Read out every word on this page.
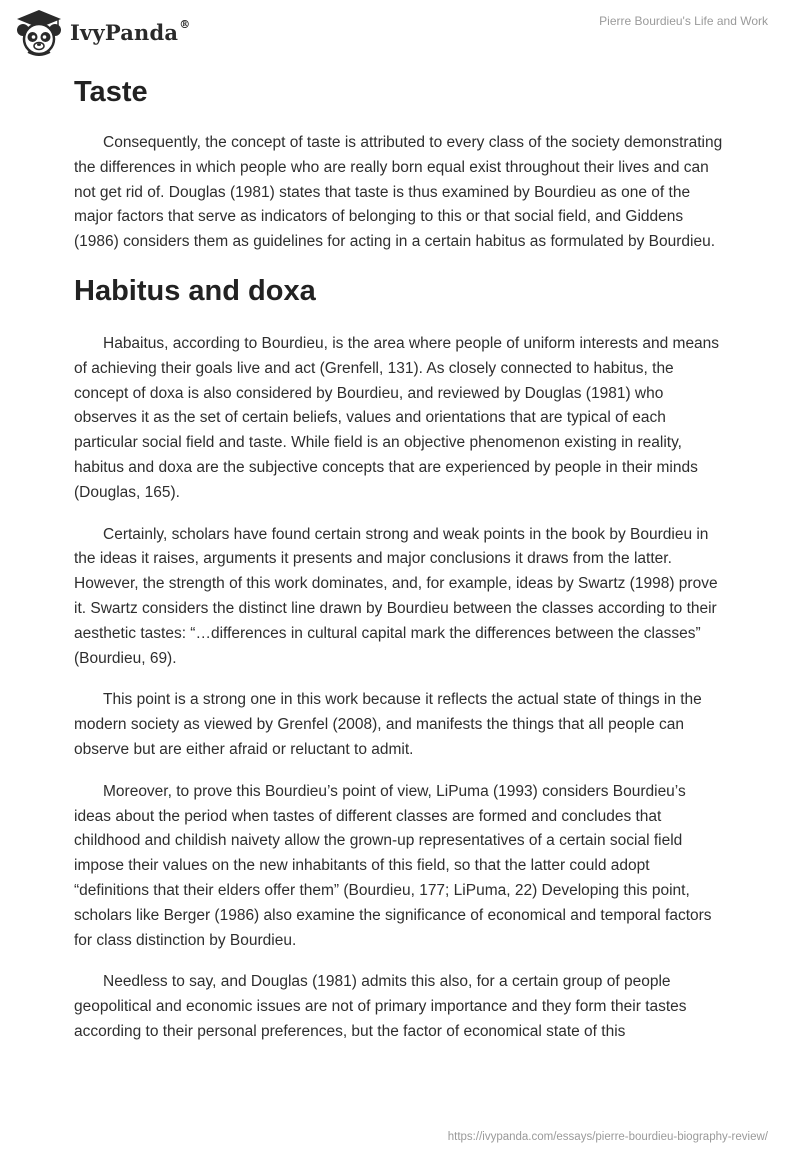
IvyPanda®	Pierre Bourdieu's Life and Work
Taste

Consequently, the concept of taste is attributed to every class of the society demonstrating the differences in which people who are really born equal exist throughout their lives and can not get rid of. Douglas (1981) states that taste is thus examined by Bourdieu as one of the major factors that serve as indicators of belonging to this or that social field, and Giddens (1986) considers them as guidelines for acting in a certain habitus as formulated by Bourdieu.

Habitus and doxa

Habaitus, according to Bourdieu, is the area where people of uniform interests and means of achieving their goals live and act (Grenfell, 131). As closely connected to habitus, the concept of doxa is also considered by Bourdieu, and reviewed by Douglas (1981) who observes it as the set of certain beliefs, values and orientations that are typical of each particular social field and taste. While field is an objective phenomenon existing in reality, habitus and doxa are the subjective concepts that are experienced by people in their minds (Douglas, 165).

Certainly, scholars have found certain strong and weak points in the book by Bourdieu in the ideas it raises, arguments it presents and major conclusions it draws from the latter. However, the strength of this work dominates, and, for example, ideas by Swartz (1998) prove it. Swartz considers the distinct line drawn by Bourdieu between the classes according to their aesthetic tastes: “…differences in cultural capital mark the differences between the classes” (Bourdieu, 69).

This point is a strong one in this work because it reflects the actual state of things in the modern society as viewed by Grenfel (2008), and manifests the things that all people can observe but are either afraid or reluctant to admit.

Moreover, to prove this Bourdieu’s point of view, LiPuma (1993) considers Bourdieu’s ideas about the period when tastes of different classes are formed and concludes that childhood and childish naivety allow the grown-up representatives of a certain social field impose their values on the new inhabitants of this field, so that the latter could adopt “definitions that their elders offer them” (Bourdieu, 177; LiPuma, 22) Developing this point, scholars like Berger (1986) also examine the significance of economical and temporal factors for class distinction by Bourdieu.

Needless to say, and Douglas (1981) admits this also, for a certain group of people geopolitical and economic issues are not of primary importance and they form their tastes according to their personal preferences, but the factor of economical state of this

https://ivypanda.com/essays/pierre-bourdieu-biography-review/
